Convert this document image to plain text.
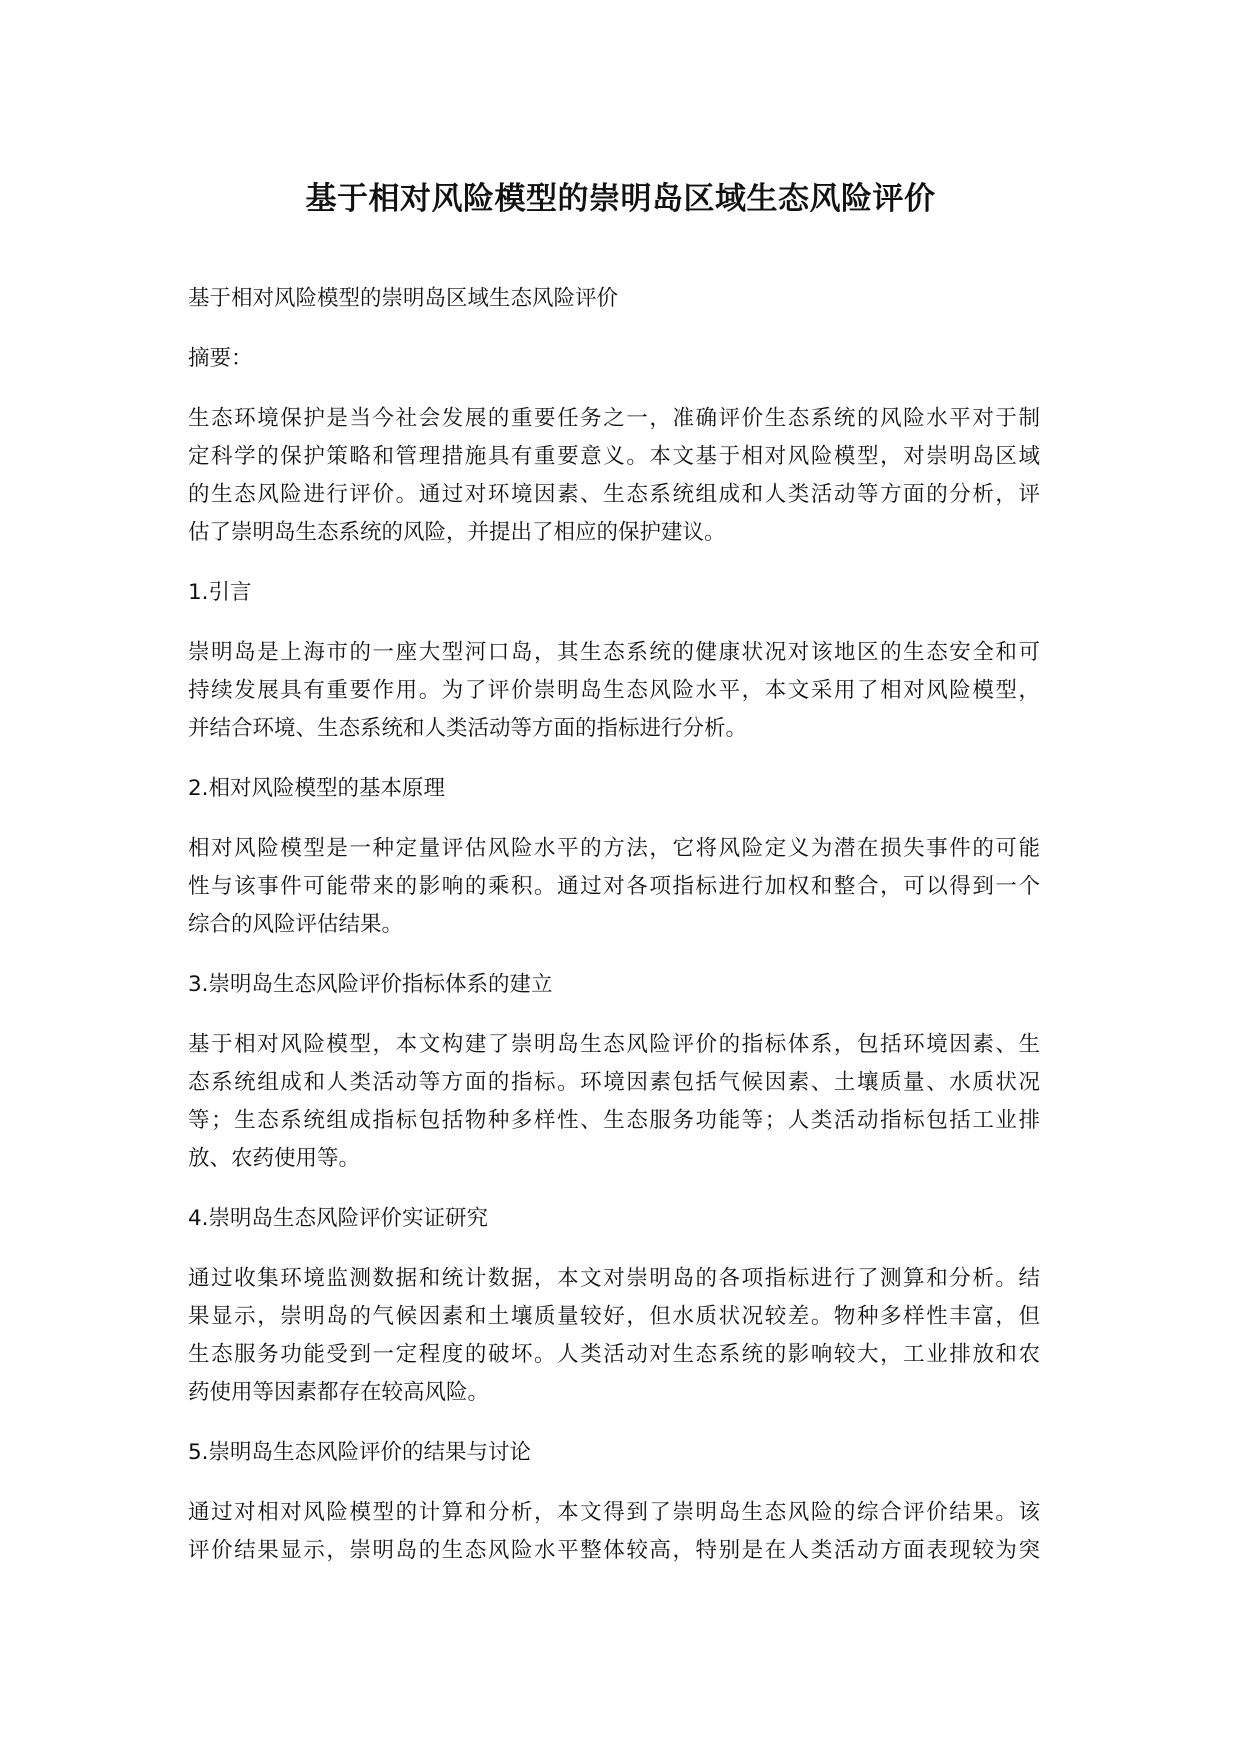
基于相对风险模型的崇明岛区域生态风险评价
基于相对风险模型的崇明岛区域生态风险评价
摘要：
生态环境保护是当今社会发展的重要任务之一，准确评价生态系统的风险水平对于制
定科学的保护策略和管理措施具有重要意义。本文基于相对风险模型，对崇明岛区域
的生态风险进行评价。通过对环境因素、生态系统组成和人类活动等方面的分析，评
估了崇明岛生态系统的风险，并提出了相应的保护建议。
1.引言
崇明岛是上海市的一座大型河口岛，其生态系统的健康状况对该地区的生态安全和可
持续发展具有重要作用。为了评价崇明岛生态风险水平，本文采用了相对风险模型，
并结合环境、生态系统和人类活动等方面的指标进行分析。
2.相对风险模型的基本原理
相对风险模型是一种定量评估风险水平的方法，它将风险定义为潜在损失事件的可能
性与该事件可能带来的影响的乘积。通过对各项指标进行加权和整合，可以得到一个
综合的风险评估结果。
3.崇明岛生态风险评价指标体系的建立
基于相对风险模型，本文构建了崇明岛生态风险评价的指标体系，包括环境因素、生
态系统组成和人类活动等方面的指标。环境因素包括气候因素、土壤质量、水质状况
等；生态系统组成指标包括物种多样性、生态服务功能等；人类活动指标包括工业排
放、农药使用等。
4.崇明岛生态风险评价实证研究
通过收集环境监测数据和统计数据，本文对崇明岛的各项指标进行了测算和分析。结
果显示，崇明岛的气候因素和土壤质量较好，但水质状况较差。物种多样性丰富，但
生态服务功能受到一定程度的破坏。人类活动对生态系统的影响较大，工业排放和农
药使用等因素都存在较高风险。
5.崇明岛生态风险评价的结果与讨论
通过对相对风险模型的计算和分析，本文得到了崇明岛生态风险的综合评价结果。该
评价结果显示，崇明岛的生态风险水平整体较高，特别是在人类活动方面表现较为突
